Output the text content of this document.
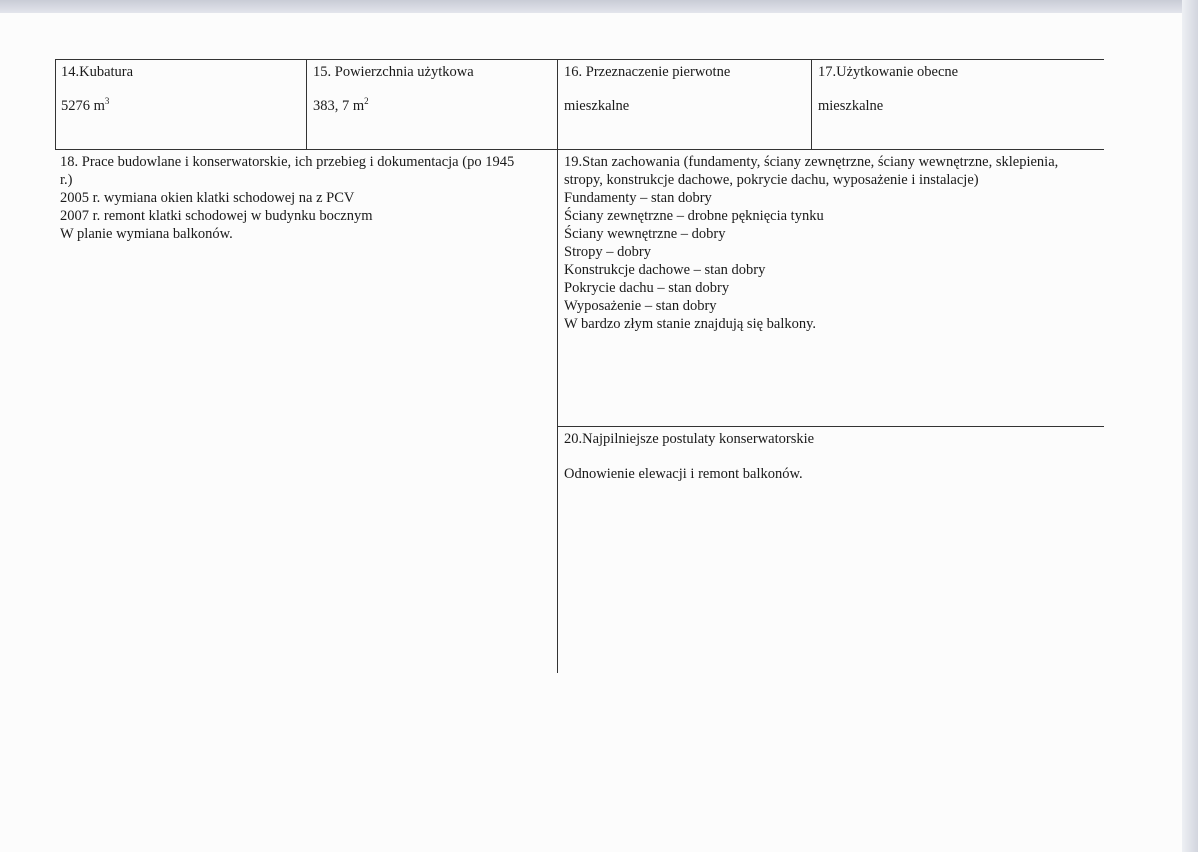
14.Kubatura
5276 $m^3$
15. Powierzchnia użytkowa
383, 7 $m^2$
16. Przeznaczenie pierwotne
mieszkalne
17.Użytkowanie obecne
mieszkalne
18. Prace budowlane i konserwatorskie, ich przebieg i dokumentacja (po 1945
r.)
2005 r. wymiana okien klatki schodowej na z PCV
2007 r. remont klatki schodowej w budynku bocznym
W planie wymiana balkonów.
19.Stan zachowania (fundamenty, ściany zewnętrzne, ściany wewnętrzne, sklepienia,
stropy, konstrukcje dachowe, pokrycie dachu, wyposażenie i instalacje)
Fundamenty – stan dobry
Ściany zewnętrzne – drobne pęknięcia tynku
Ściany wewnętrzne – dobry
Stropy – dobry
Konstrukcje dachowe – stan dobry
Pokrycie dachu – stan dobry
Wyposażenie – stan dobry
W bardzo złym stanie znajdują się balkony.
20.Najpilniejsze postulaty konserwatorskie
Odnowienie elewacji i remont balkonów.
